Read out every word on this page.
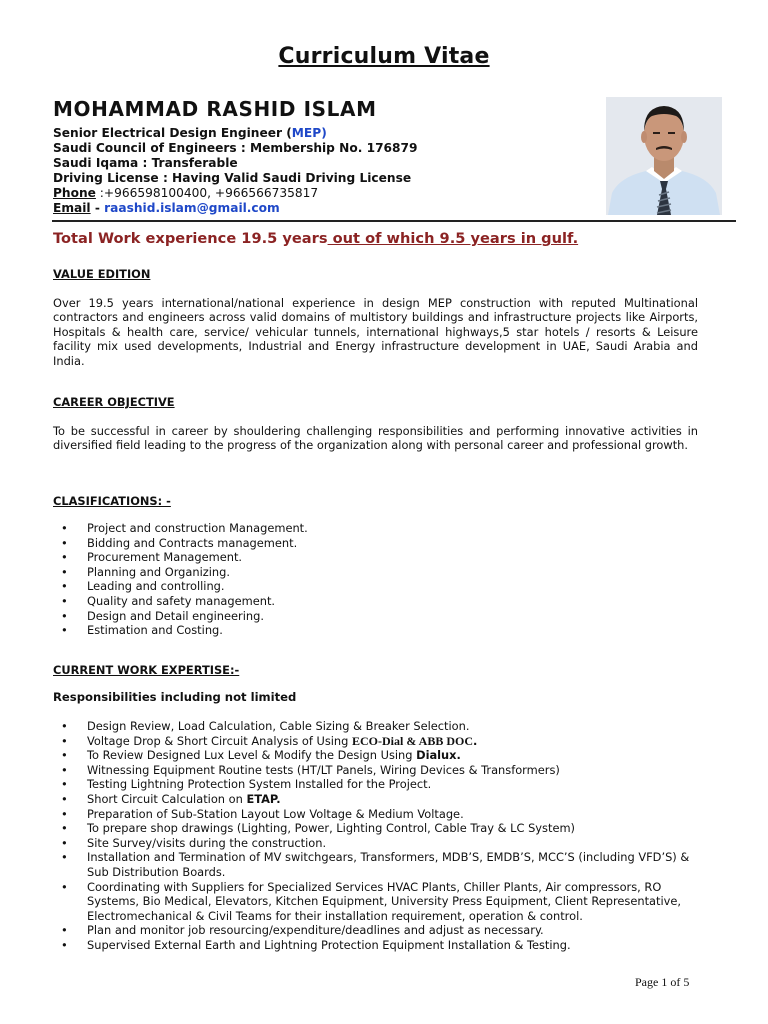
Curriculum Vitae
MOHAMMAD RASHID ISLAM
Senior Electrical Design Engineer (MEP)
Saudi Council of Engineers : Membership No. 176879
Saudi Iqama : Transferable
Driving License : Having Valid Saudi Driving License
Phone :+966598100400, +966566735817
Email - raashid.islam@gmail.com
Total Work experience 19.5 years out of which 9.5 years in gulf.
VALUE EDITION
Over 19.5 years international/national experience in design MEP construction with reputed Multinational contractors and engineers across valid domains of multistory buildings and infrastructure projects like Airports, Hospitals & health care, service/ vehicular tunnels, international highways,5 star hotels / resorts & Leisure facility mix used developments, Industrial and Energy infrastructure development in UAE, Saudi Arabia and India.
CAREER OBJECTIVE
To be successful in career by shouldering challenging responsibilities and performing innovative activities in diversified field leading to the progress of the organization along with personal career and professional growth.
CLASIFICATIONS: -
• Project and construction Management.
• Bidding and Contracts management.
• Procurement Management.
• Planning and Organizing.
• Leading and controlling.
• Quality and safety management.
• Design and Detail engineering.
• Estimation and Costing.
CURRENT WORK EXPERTISE:-
Responsibilities including not limited
• Design Review, Load Calculation, Cable Sizing & Breaker Selection.
• Voltage Drop & Short Circuit Analysis of Using ECO-Dial & ABB DOC.
• To Review Designed Lux Level & Modify the Design Using Dialux.
• Witnessing Equipment Routine tests (HT/LT Panels, Wiring Devices & Transformers)
• Testing Lightning Protection System Installed for the Project.
• Short Circuit Calculation on ETAP.
• Preparation of Sub-Station Layout Low Voltage & Medium Voltage.
• To prepare shop drawings (Lighting, Power, Lighting Control, Cable Tray & LC System)
• Site Survey/visits during the construction.
• Installation and Termination of MV switchgears, Transformers, MDB’S, EMDB’S, MCC’S (including VFD’S) & Sub Distribution Boards.
• Coordinating with Suppliers for Specialized Services HVAC Plants, Chiller Plants, Air compressors, RO Systems, Bio Medical, Elevators, Kitchen Equipment, University Press Equipment, Client Representative, Electromechanical & Civil Teams for their installation requirement, operation & control.
• Plan and monitor job resourcing/expenditure/deadlines and adjust as necessary.
• Supervised External Earth and Lightning Protection Equipment Installation & Testing.
Page 1 of 5
